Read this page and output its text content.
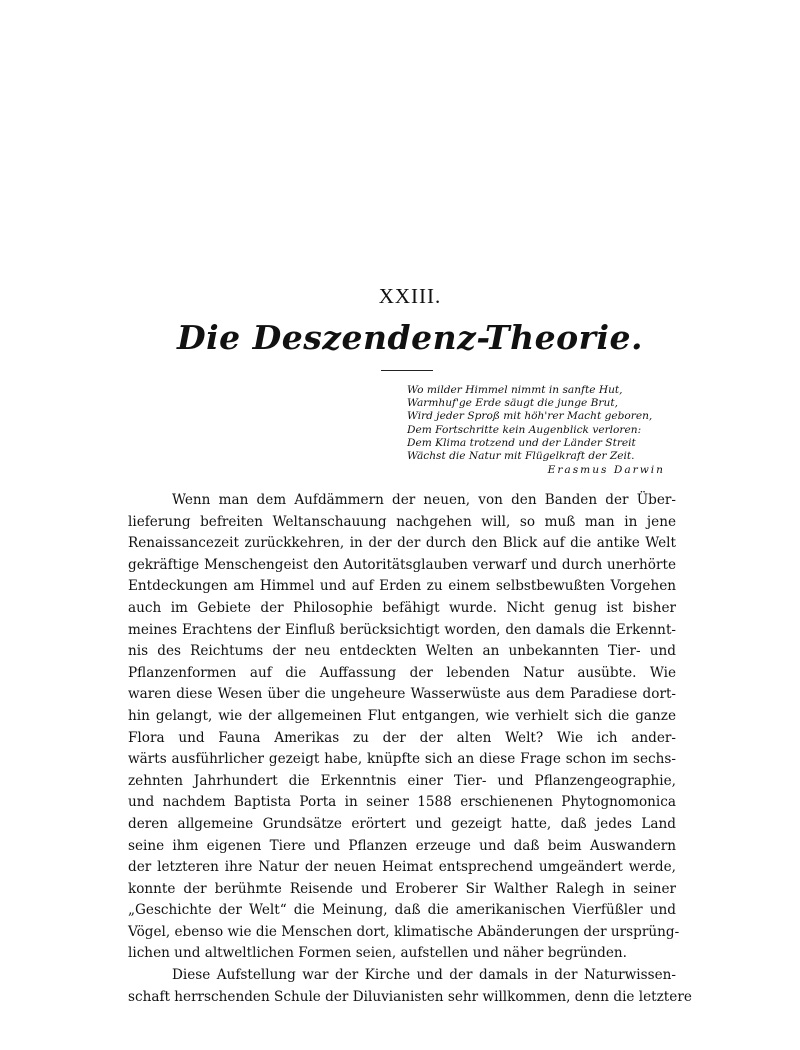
XXIII.
Die Deszendenz-Theorie.
Wo milder Himmel nimmt in sanfte Hut,
Warmhuf'ge Erde säugt die junge Brut,
Wird jeder Sproß mit höh'rer Macht geboren,
Dem Fortschritte kein Augenblick verloren:
Dem Klima trotzend und der Länder Streit
Wächst die Natur mit Flügelkraft der Zeit.
Erasmus Darwin
Wenn man dem Aufdämmern der neuen, von den Banden der Über-
lieferung befreiten Weltanschauung nachgehen will, so muß man in jene
Renaissancezeit zurückkehren, in der der durch den Blick auf die antike Welt
gekräftige Menschengeist den Autoritätsglauben verwarf und durch unerhörte
Entdeckungen am Himmel und auf Erden zu einem selbstbewußten Vorgehen
auch im Gebiete der Philosophie befähigt wurde. Nicht genug ist bisher
meines Erachtens der Einfluß berücksichtigt worden, den damals die Erkennt-
nis des Reichtums der neu entdeckten Welten an unbekannten Tier- und
Pflanzenformen auf die Auffassung der lebenden Natur ausübte. Wie
waren diese Wesen über die ungeheure Wasserwüste aus dem Paradiese dort-
hin gelangt, wie der allgemeinen Flut entgangen, wie verhielt sich die ganze
Flora und Fauna Amerikas zu der der alten Welt? Wie ich ander-
wärts ausführlicher gezeigt habe, knüpfte sich an diese Frage schon im sechs-
zehnten Jahrhundert die Erkenntnis einer Tier- und Pflanzengeographie,
und nachdem Baptista Porta in seiner 1588 erschienenen Phytognomonica
deren allgemeine Grundsätze erörtert und gezeigt hatte, daß jedes Land
seine ihm eigenen Tiere und Pflanzen erzeuge und daß beim Auswandern
der letzteren ihre Natur der neuen Heimat entsprechend umgeändert werde,
konnte der berühmte Reisende und Eroberer Sir Walther Ralegh in seiner
„Geschichte der Welt“ die Meinung, daß die amerikanischen Vierfüßler und
Vögel, ebenso wie die Menschen dort, klimatische Abänderungen der ursprüng-
lichen und altweltlichen Formen seien, aufstellen und näher begründen.
Diese Aufstellung war der Kirche und der damals in der Naturwissen-
schaft herrschenden Schule der Diluvianisten sehr willkommen, denn die letztere
